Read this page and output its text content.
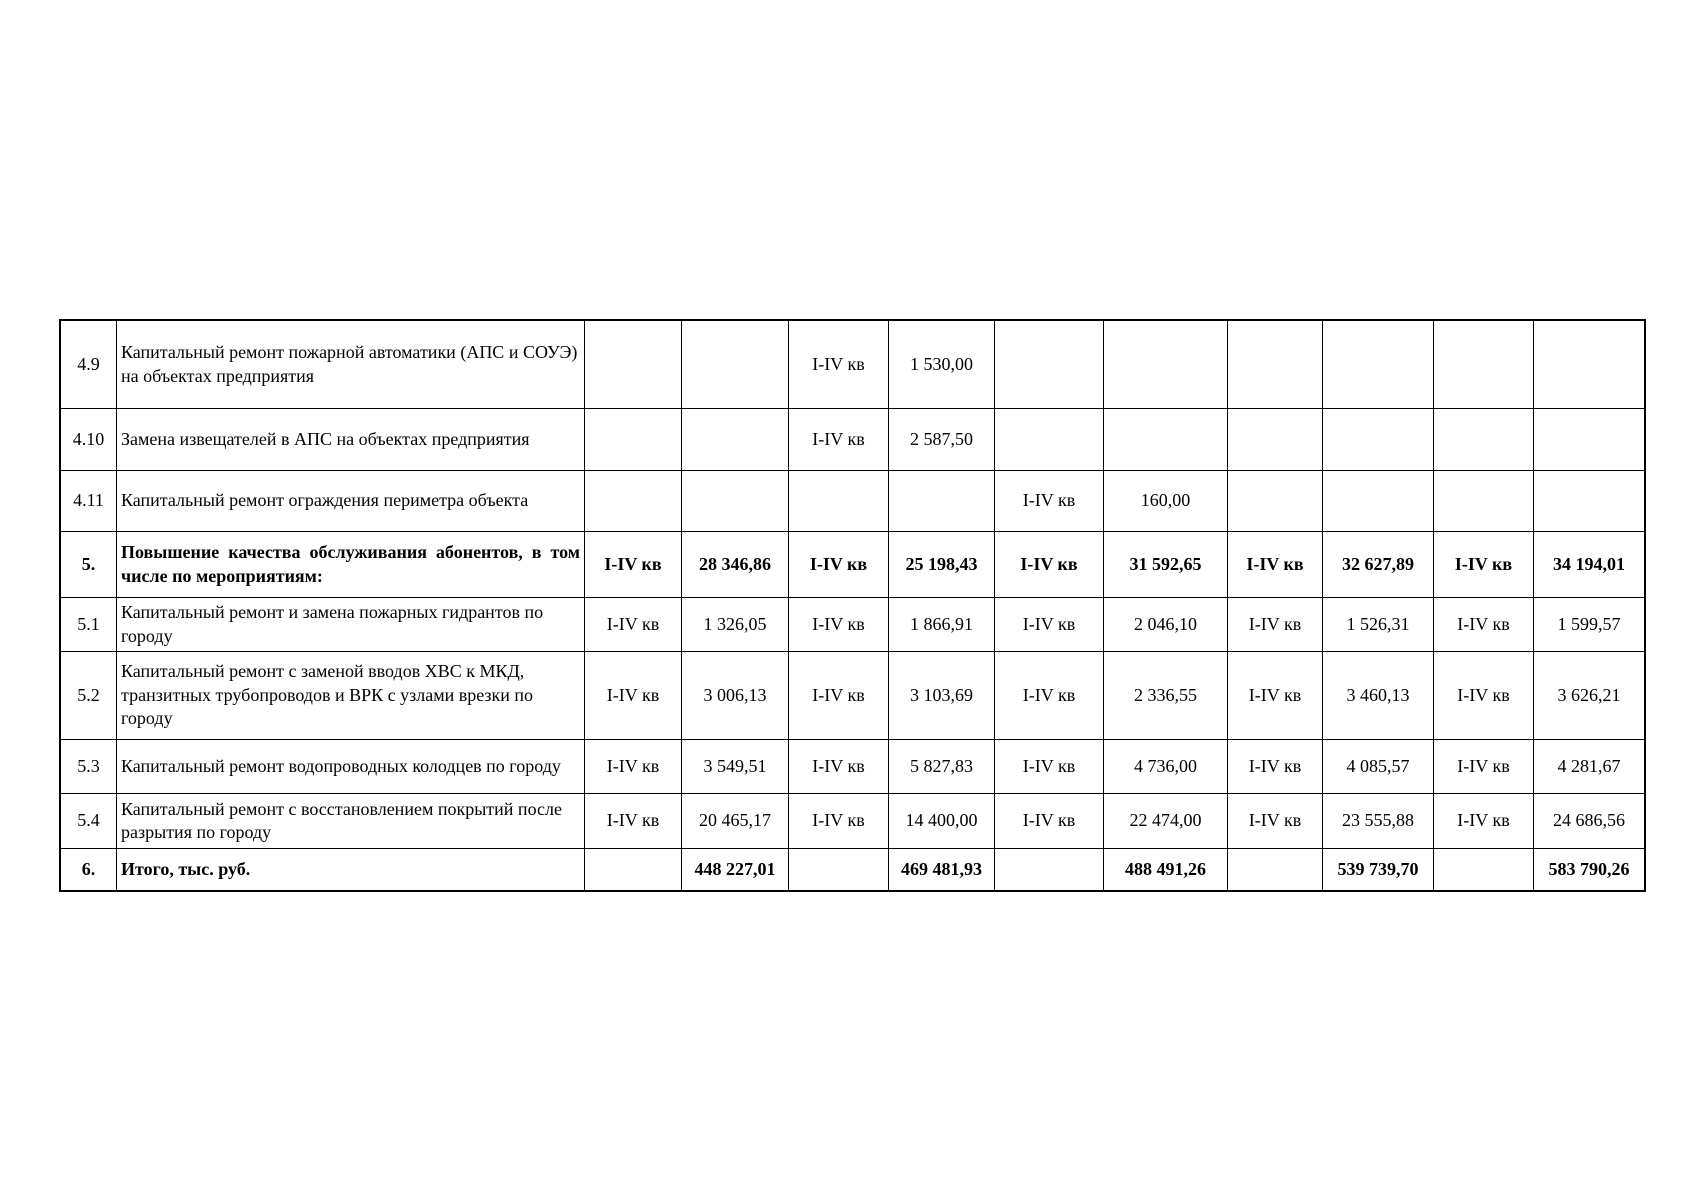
4.9	Капитальный ремонт пожарной автоматики (АПС и СОУЭ) на объектах предприятия			I-IV кв	1 530,00						
4.10	Замена извещателей в АПС на объектах предприятия			I-IV кв	2 587,50						
4.11	Капитальный ремонт ограждения периметра объекта					I-IV кв	160,00				
5.	Повышение качества обслуживания абонентов, в том числе по мероприятиям:	I-IV кв	28 346,86	I-IV кв	25 198,43	I-IV кв	31 592,65	I-IV кв	32 627,89	I-IV кв	34 194,01
5.1	Капитальный ремонт и замена пожарных гидрантов по городу	I-IV кв	1 326,05	I-IV кв	1 866,91	I-IV кв	2 046,10	I-IV кв	1 526,31	I-IV кв	1 599,57
5.2	Капитальный ремонт с заменой вводов ХВС к МКД, транзитных трубопроводов и ВРК с узлами врезки по городу	I-IV кв	3 006,13	I-IV кв	3 103,69	I-IV кв	2 336,55	I-IV кв	3 460,13	I-IV кв	3 626,21
5.3	Капитальный ремонт водопроводных колодцев по городу	I-IV кв	3 549,51	I-IV кв	5 827,83	I-IV кв	4 736,00	I-IV кв	4 085,57	I-IV кв	4 281,67
5.4	Капитальный ремонт с восстановлением покрытий после разрытия по городу	I-IV кв	20 465,17	I-IV кв	14 400,00	I-IV кв	22 474,00	I-IV кв	23 555,88	I-IV кв	24 686,56
6.	Итого, тыс. руб.		448 227,01		469 481,93		488 491,26		539 739,70		583 790,26
